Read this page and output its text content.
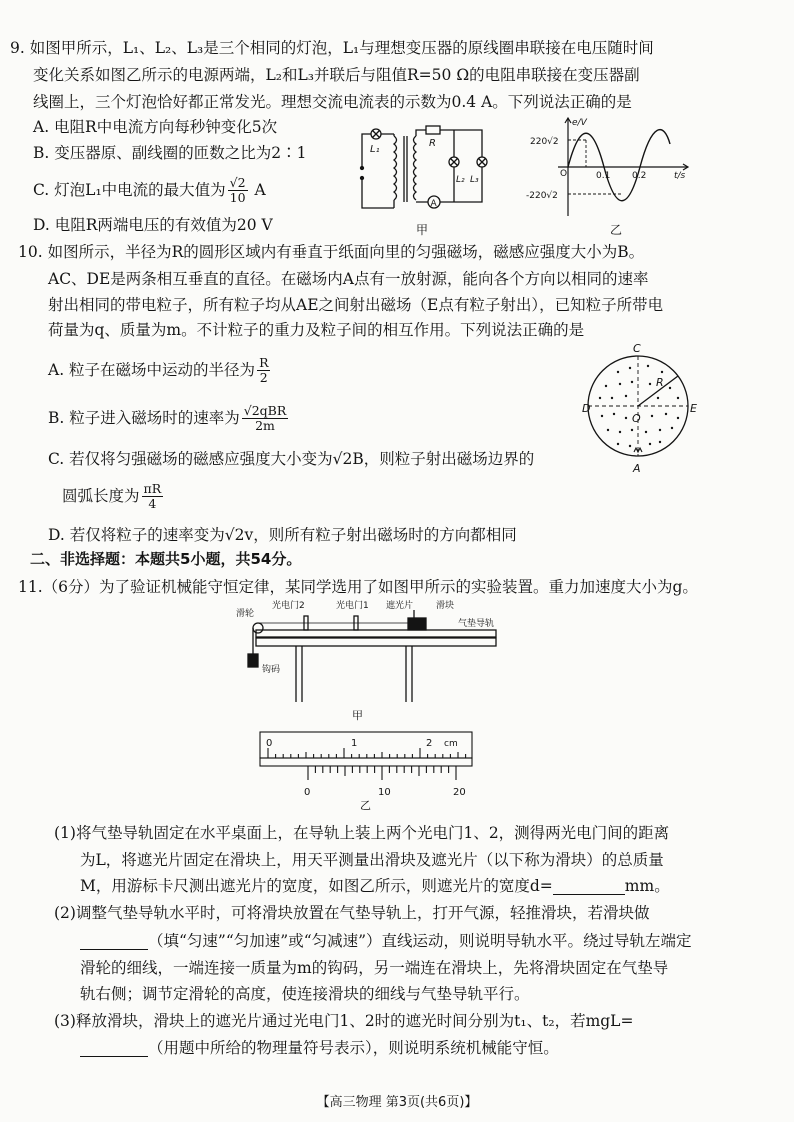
9. 如图甲所示，L₁、L₂、L₃是三个相同的灯泡，L₁与理想变压器的原线圈串联接在电压随时间
变化关系如图乙所示的电源两端，L₂和L₃并联后与阻值R=50 Ω的电阻串联接在变压器副
线圈上，三个灯泡恰好都正常发光。理想交流电流表的示数为0.4 A。下列说法正确的是
A. 电阻R中电流方向每秒钟变化5次
B. 变压器原、副线圈的匝数之比为2∶1
C. 灯泡L₁中电流的最大值为 $\frac{√2}{10}$ A
D. 电阻R两端电压的有效值为20 V
A
L₁
R
L₂ L₃
甲
e/V
220√2
-220√2
O	0.1 0.2	t/s
乙
10. 如图所示，半径为R的圆形区域内有垂直于纸面向里的匀强磁场，磁感应强度大小为B。
AC、DE是两条相互垂直的直径。在磁场内A点有一放射源，能向各个方向以相同的速率
射出相同的带电粒子，所有粒子均从AE之间射出磁场（E点有粒子射出），已知粒子所带电
荷量为q、质量为m。不计粒子的重力及粒子间的相互作用。下列说法正确的是
A. 粒子在磁场中运动的半径为 $\frac{R}{2}$
B. 粒子进入磁场时的速率为 $\frac{\text{√2qBR}}{2m}$
C. 若仅将匀强磁场的磁感应强度大小变为√2B，则粒子射出磁场边界的
圆弧长度为 $\frac{\pi R}{4}$
D. 若仅将粒子的速率变为√2v，则所有粒子射出磁场时的方向都相同
C
D	E
A
R
O
二、非选择题：本题共5小题，共54分。
11.（6分）为了验证机械能守恒定律，某同学选用了如图甲所示的实验装置。重力加速度大小为g。
光电门2	光电门1 遮光片	滑块
气垫导轨
滑轮
钩码
甲
0	1	2 cm
0	10	20
乙
(1)将气垫导轨固定在水平桌面上，在导轨上装上两个光电门1、2，测得两光电门间的距离
为L，将遮光片固定在滑块上，用天平测量出滑块及遮光片（以下称为滑块）的总质量
M，用游标卡尺测出遮光片的宽度，如图乙所示，则遮光片的宽度d=	mm。
(2)调整气垫导轨水平时，可将滑块放置在气垫导轨上，打开气源，轻推滑块，若滑块做
（填“匀速”“匀加速”或“匀减速”）直线运动，则说明导轨水平。绕过导轨左端定
滑轮的细线，一端连接一质量为m的钩码，另一端连在滑块上，先将滑块固定在气垫导
轨右侧；调节定滑轮的高度，使连接滑块的细线与气垫导轨平行。
(3)释放滑块，滑块上的遮光片通过光电门1、2时的遮光时间分别为t₁、t₂，若mgL=
（用题中所给的物理量符号表示），则说明系统机械能守恒。
【高三物理 第3页(共6页)】
